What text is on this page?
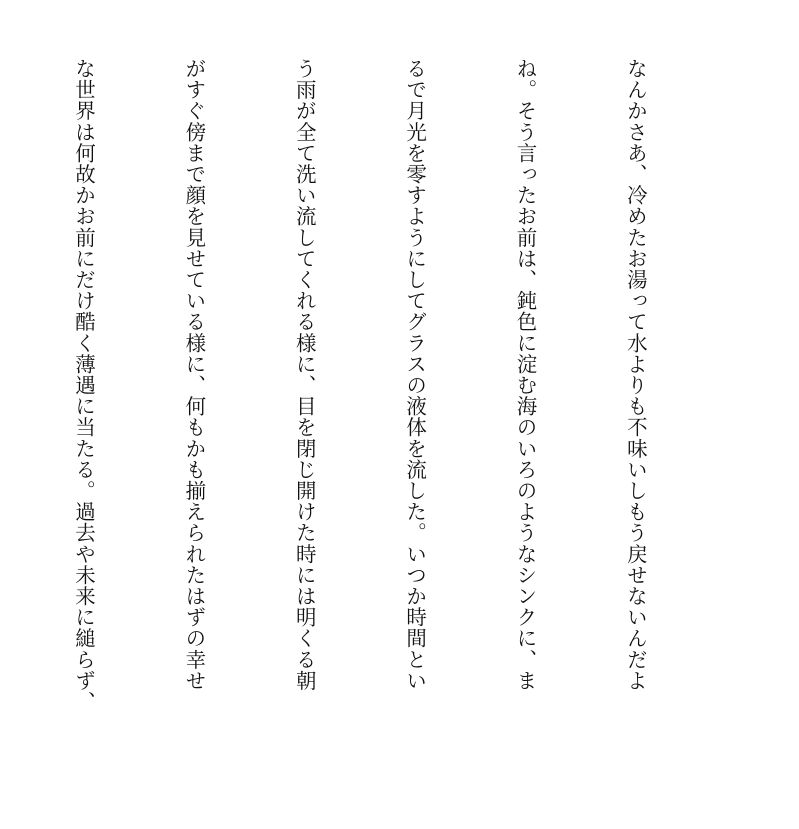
なんかさあ、冷めたお湯って水よりも不味いしもう戻せないんだよ

ね。そう言ったお前は、鈍色に淀む海のいろのようなシンクに、ま

るで月光を零すようにしてグラスの液体を流した。いつか時間とい

う雨が全て洗い流してくれる様に、目を閉じ開けた時には明くる朝

がすぐ傍まで顔を見せている様に、何もかも揃えられたはずの幸せ

な世界は何故かお前にだけ酷く薄遇に当たる。過去や未来に縋らず、
